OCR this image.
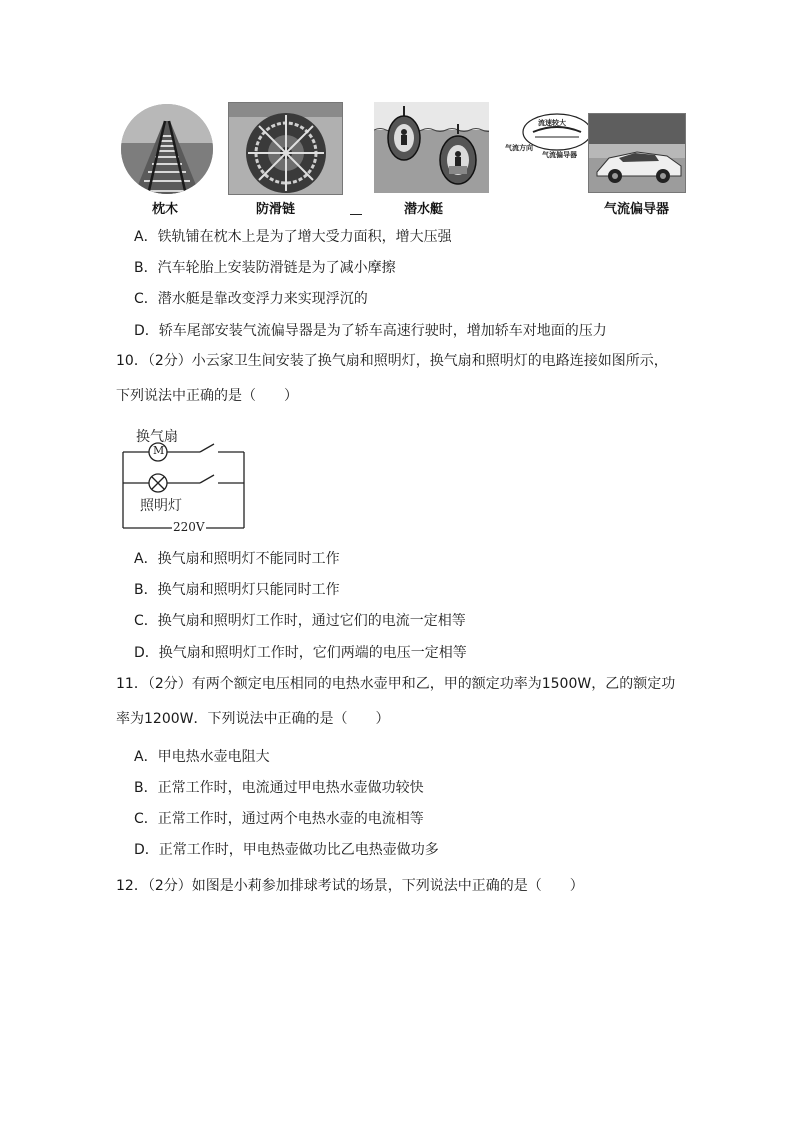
枕木	防滑链	潜水艇
流速较大
气流偏导器
气流方向
气流偏导器
A．铁轨铺在枕木上是为了增大受力面积，增大压强
B．汽车轮胎上安装防滑链是为了减小摩擦
C．潜水艇是靠改变浮力来实现浮沉的
D．轿车尾部安装气流偏导器是为了轿车高速行驶时，增加轿车对地面的压力
10．（2分）小云家卫生间安装了换气扇和照明灯，换气扇和照明灯的电路连接如图所示，
下列说法中正确的是（　　）
换气扇
M
照明灯
220V
A．换气扇和照明灯不能同时工作
B．换气扇和照明灯只能同时工作
C．换气扇和照明灯工作时，通过它们的电流一定相等
D．换气扇和照明灯工作时，它们两端的电压一定相等
11．（2分）有两个额定电压相同的电热水壶甲和乙，甲的额定功率为1500W，乙的额定功
率为1200W．下列说法中正确的是（　　）
A．甲电热水壶电阻大
B．正常工作时，电流通过甲电热水壶做功较快
C．正常工作时，通过两个电热水壶的电流相等
D．正常工作时，甲电热壶做功比乙电热壶做功多
12．（2分）如图是小莉参加排球考试的场景，下列说法中正确的是（　　）
